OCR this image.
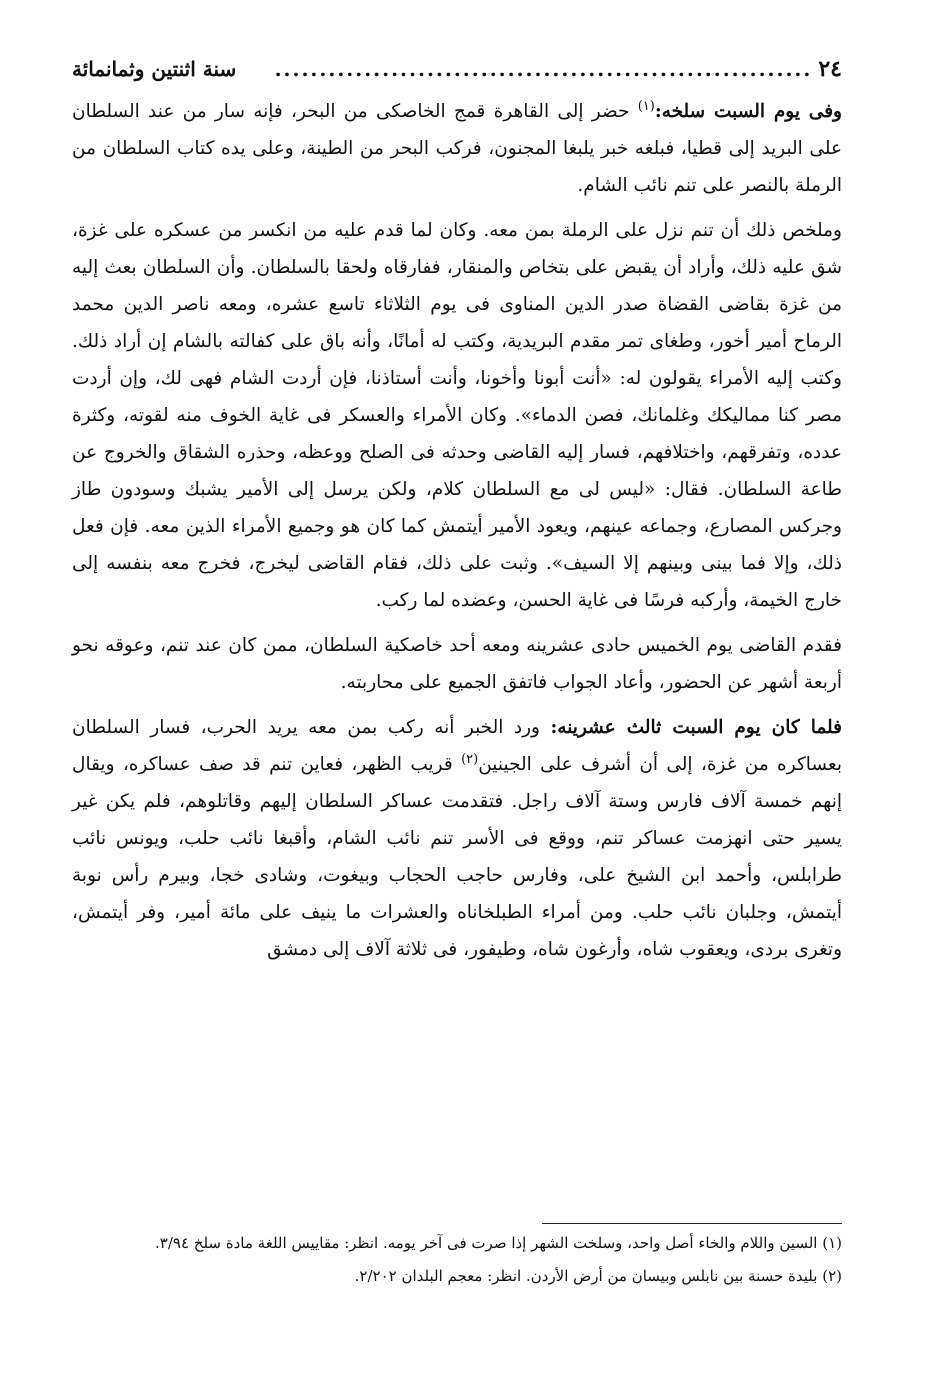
٢٤
............................................................
سنة اثنتين وثمانمائة

وفى يوم السبت سلخه:$^{(١)}$ حضر إلى القاهرة قمج الخاصكى من البحر، فإنه سار من عند السلطان على البريد إلى قطيا، فبلغه خبر يلبغا المجنون، فركب البحر من الطينة، وعلى يده كتاب السلطان من الرملة بالنصر على تنم نائب الشام.

وملخص ذلك أن تنم نزل على الرملة بمن معه. وكان لما قدم عليه من انكسر من عسكره على غزة، شق عليه ذلك، وأراد أن يقبض على بتخاص والمنقار، ففارقاه ولحقا بالسلطان. وأن السلطان بعث إليه من غزة بقاضى القضاة صدر الدين المناوى فى يوم الثلاثاء تاسع عشره، ومعه ناصر الدين محمد الرماح أمير أخور، وطغاى تمر مقدم البريدية، وكتب له أمانًا، وأنه باق على كفالته بالشام إن أراد ذلك. وكتب إليه الأمراء يقولون له: «أنت أبونا وأخونا، وأنت أستاذنا، فإن أردت الشام فهى لك، وإن أردت مصر كنا مماليكك وغلمانك، فصن الدماء». وكان الأمراء والعسكر فى غاية الخوف منه لقوته، وكثرة عدده، وتفرقهم، واختلافهم، فسار إليه القاضى وحدثه فى الصلح ووعظه، وحذره الشقاق والخروج عن طاعة السلطان. فقال: «ليس لى مع السلطان كلام، ولكن يرسل إلى الأمير يشبك وسودون طاز وجركس المصارع، وجماعه عينهم، ويعود الأمير أيتمش كما كان هو وجميع الأمراء الذين معه. فإن فعل ذلك، وإلا فما بينى وبينهم إلا السيف». وثبت على ذلك، فقام القاضى ليخرج، فخرج معه بنفسه إلى خارج الخيمة، وأركبه فرسًا فى غاية الحسن، وعضده لما ركب.

فقدم القاضى يوم الخميس حادى عشرينه ومعه أحد خاصكية السلطان، ممن كان عند تنم، وعوقه نحو أربعة أشهر عن الحضور، وأعاد الجواب فاتفق الجميع على محاربته.

فلما كان يوم السبت ثالث عشرينه: ورد الخبر أنه ركب بمن معه يريد الحرب، فسار السلطان بعساكره من غزة، إلى أن أشرف على الجينين$^{(٢)}$ قريب الظهر، فعاين تنم قد صف عساكره، ويقال إنهم خمسة آلاف فارس وستة آلاف راجل. فتقدمت عساكر السلطان إليهم وقاتلوهم، فلم يكن غير يسير حتى انهزمت عساكر تنم، ووقع فى الأسر تنم نائب الشام، وأقبغا نائب حلب، ويونس نائب طرابلس، وأحمد ابن الشيخ على، وفارس حاجب الحجاب وبيغوت، وشادى خجا، وبيرم رأس نوبة أيتمش، وجلبان نائب حلب. ومن أمراء الطبلخاناه والعشرات ما ينيف على مائة أمير، وفر أيتمش، وتغرى بردى، ويعقوب شاه، وأرغون شاه، وطيفور، فى ثلاثة آلاف إلى دمشق

(١) السين واللام والخاء أصل واحد، وسلخت الشهر إذا صرت فى آخر يومه. انظر: مقاييس اللغة مادة سلخ ٣/٩٤.

(٢) بليدة حسنة بين نابلس وبيسان من أرض الأردن. انظر: معجم البلدان ٢/٢٠٢.
